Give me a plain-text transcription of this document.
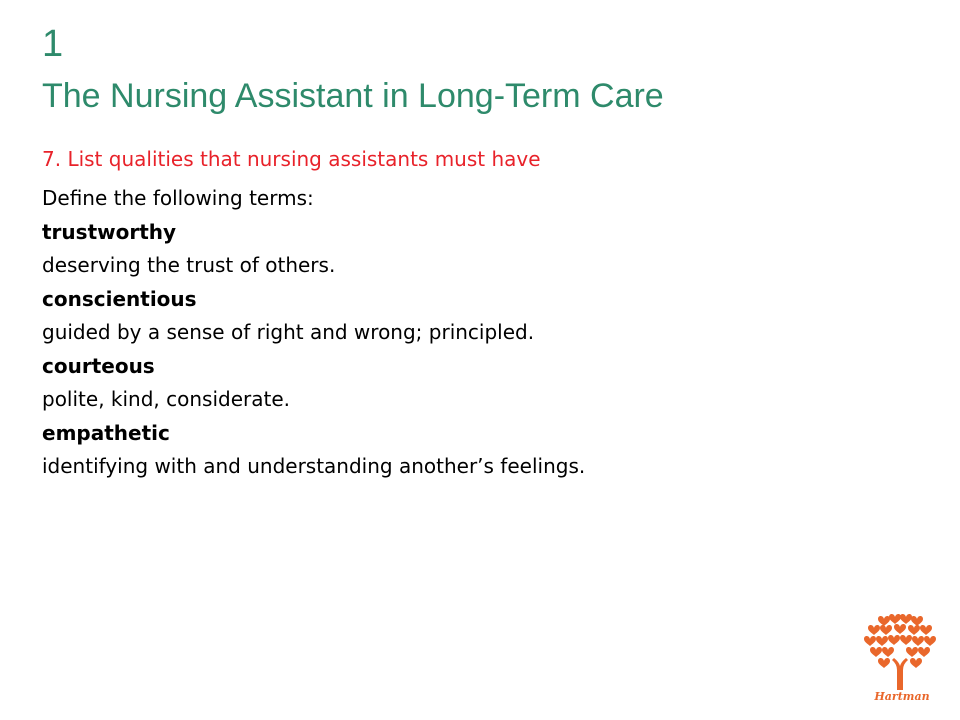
1
The Nursing Assistant in Long-Term Care
7. List qualities that nursing assistants must have
Define the following terms:
trustworthy
deserving the trust of others.
conscientious
guided by a sense of right and wrong; principled.
courteous
polite, kind, considerate.
empathetic
identifying with and understanding another’s feelings.
Hartman
